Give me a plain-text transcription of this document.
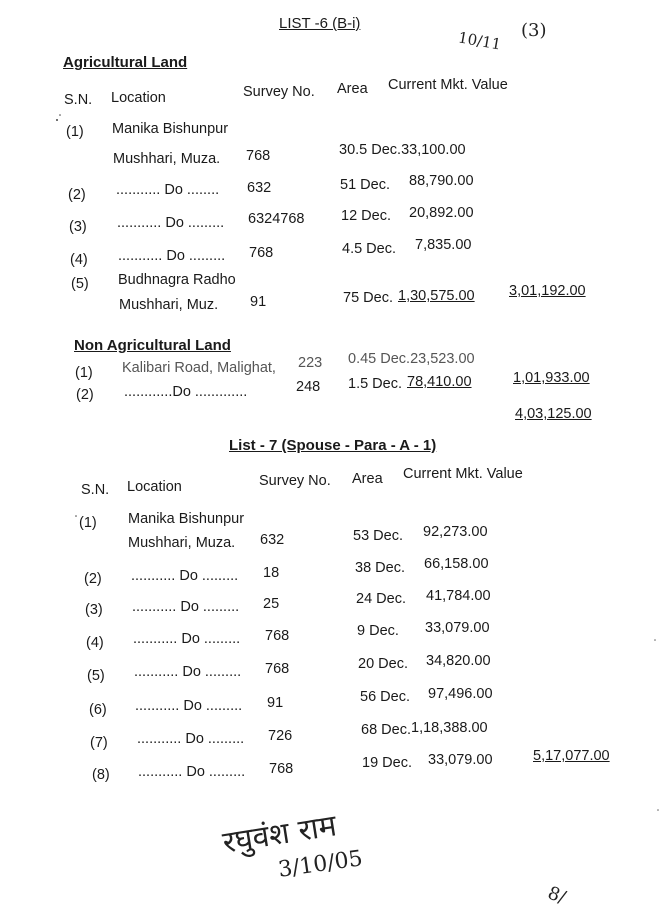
LIST -6 (B-i)
10/11 (3)
Agricultural Land
S.N. Location	Survey No. Area Current Mkt. Value
(1) Manika Bishunpur
Mushhari, Muza. 768	30.5 Dec.33,100.00
(2) ........... Do ........ 632	51 Dec. 88,790.00
(3) ........... Do ......... 6324768	12 Dec. 20,892.00
(4) ........... Do ......... 768	4.5 Dec. 7,835.00
(5) Budhnagra Radho
Mushhari, Muz. 91	75 Dec. 1,30,575.00 3,01,192.00
Non Agricultural Land
(1) Kalibari Road, Malighat, 223 0.45 Dec.23,523.00
(2) ............Do .............	248 1.5 Dec. 78,410.00	1,01,933.00
4,03,125.00
List - 7 (Spouse - Para - A - 1)
S.N. Location	Survey No. Area Current Mkt. Value
(1) Manika Bishunpur
Mushhari, Muza. 632	53 Dec. 92,273.00
(2) ........... Do ......... 18	38 Dec. 66,158.00
(3) ........... Do ......... 25	24 Dec. 41,784.00
(4) ........... Do ......... 768	9 Dec. 33,079.00
(5) ........... Do ......... 768	20 Dec. 34,820.00
(6) ........... Do ......... 91	56 Dec. 97,496.00
(7) ........... Do ......... 726	68 Dec. 1,18,388.00
(8) ........... Do ......... 768	19 Dec. 33,079.00	5,17,077.00
रघुवंश राम
3/10/05
8/
